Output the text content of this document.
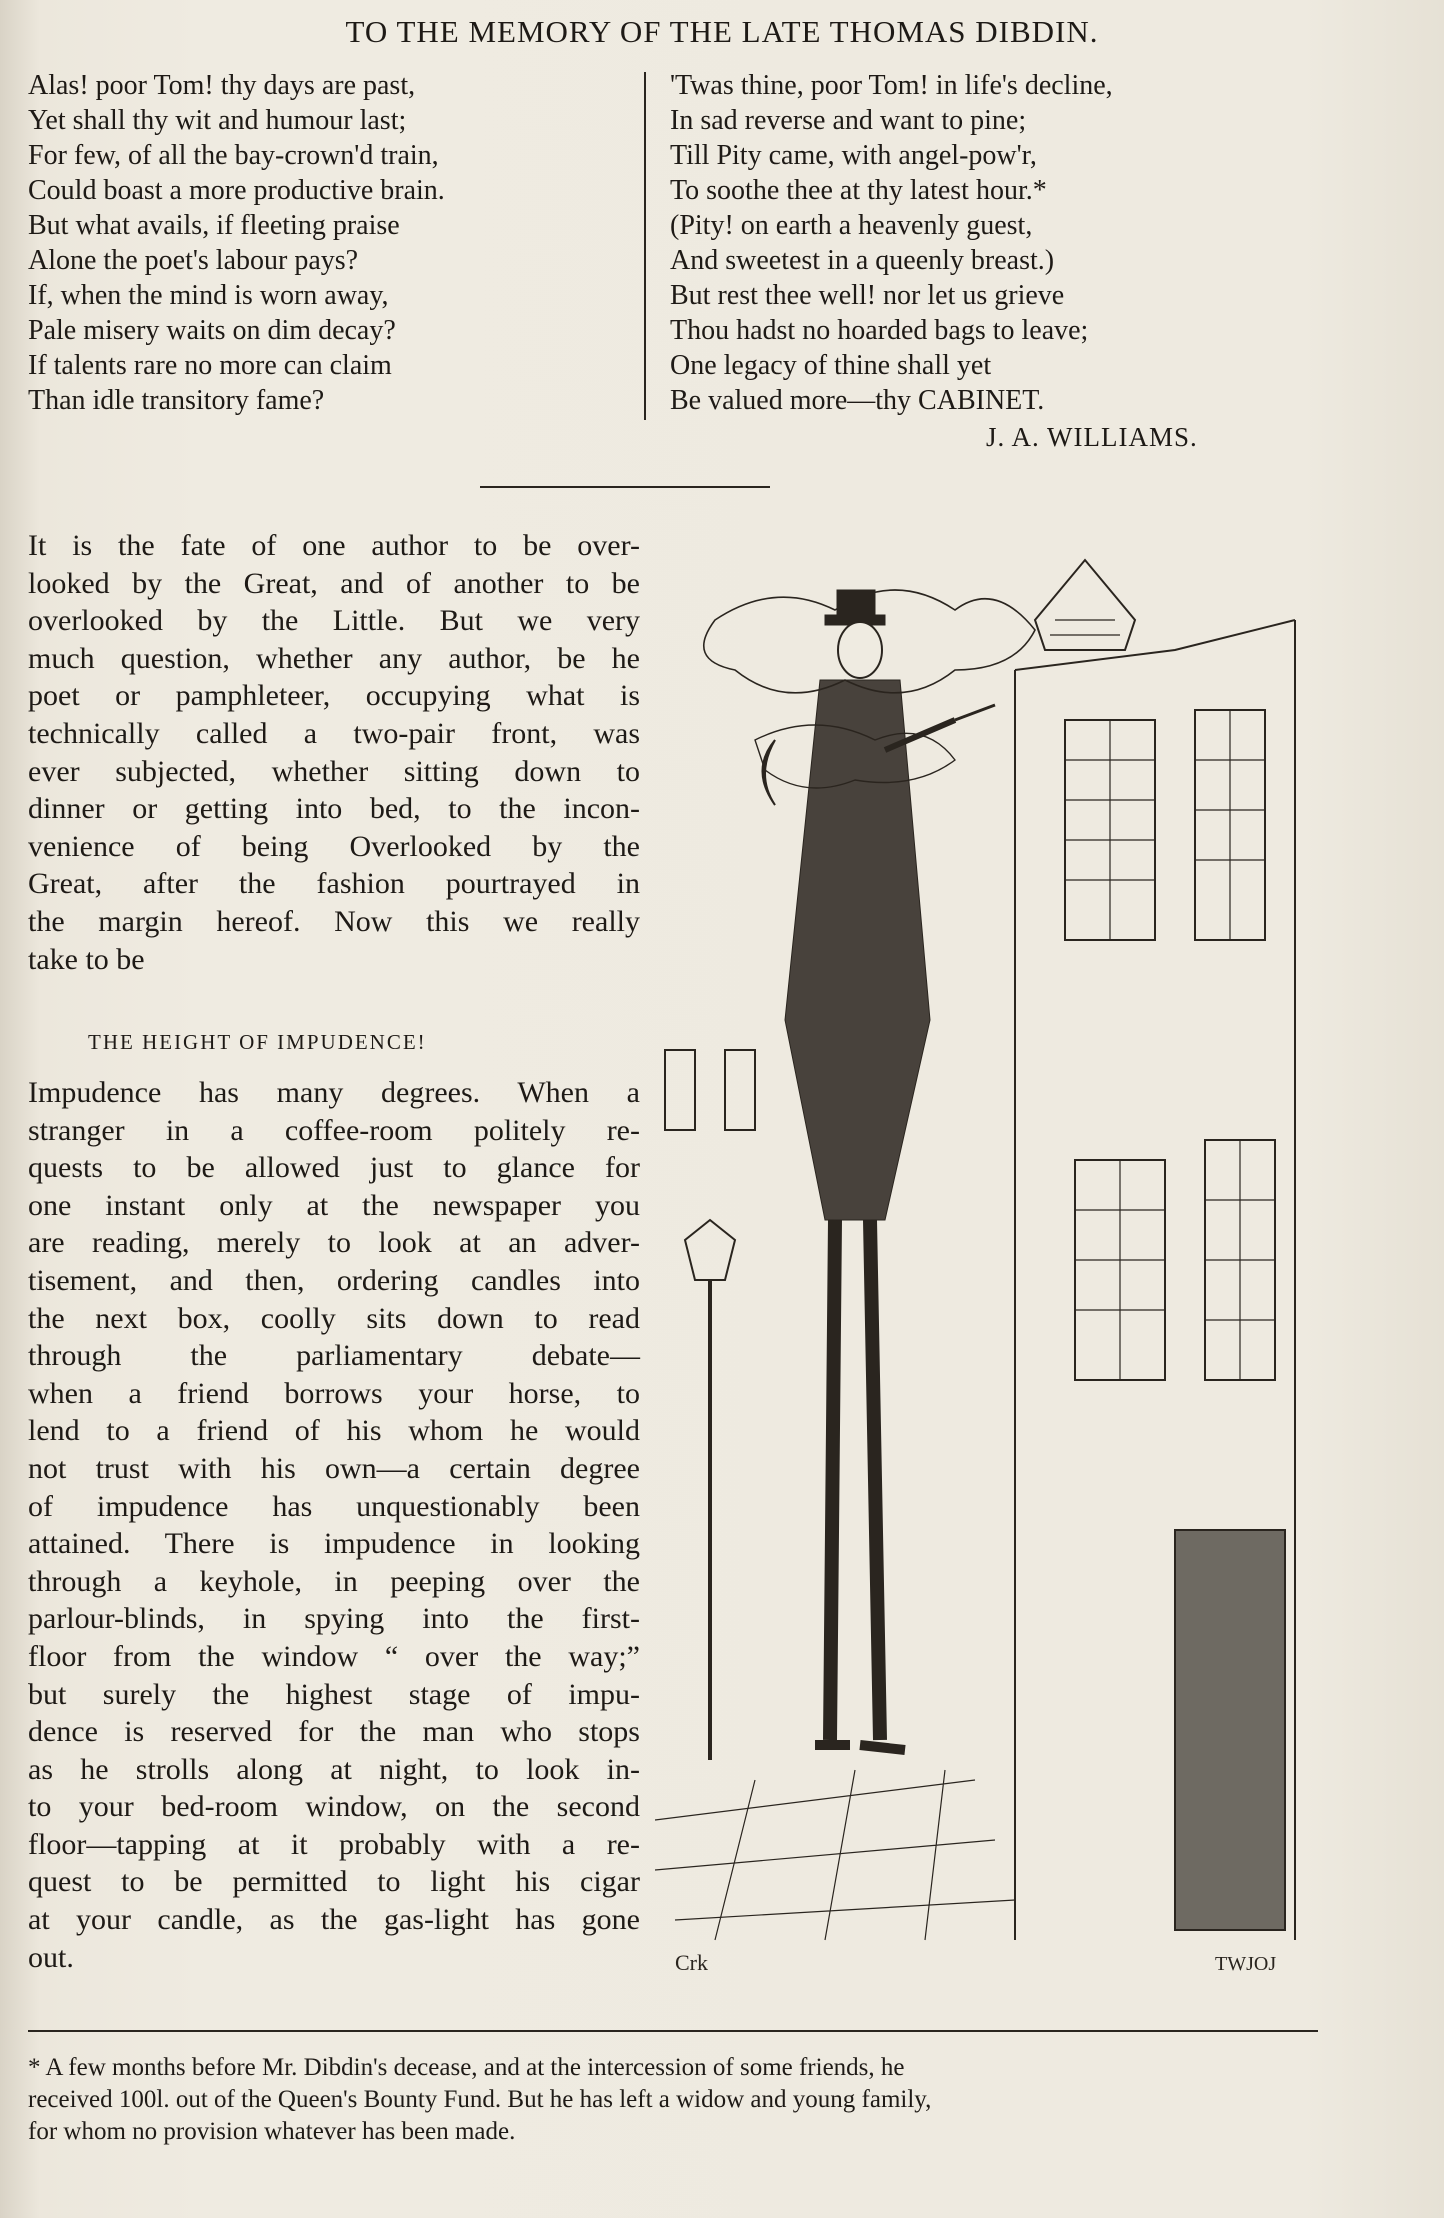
TO THE MEMORY OF THE LATE THOMAS DIBDIN.
Alas! poor Tom! thy days are past,
Yet shall thy wit and humour last;
For few, of all the bay-crown'd train,
Could boast a more productive brain.
But what avails, if fleeting praise
Alone the poet's labour pays?
If, when the mind is worn away,
Pale misery waits on dim decay?
If talents rare no more can claim
Than idle transitory fame?
'Twas thine, poor Tom! in life's decline,
In sad reverse and want to pine;
Till Pity came, with angel-pow'r,
To soothe thee at thy latest hour.*
(Pity! on earth a heavenly guest,
And sweetest in a queenly breast.)
But rest thee well! nor let us grieve
Thou hadst no hoarded bags to leave;
One legacy of thine shall yet
Be valued more—thy CABINET.
J. A. WILLIAMS.
It is the fate of one author to be over-
looked by the Great, and of another to be
overlooked by the Little. But we very
much question, whether any author, be he
poet or pamphleteer, occupying what is
technically called a two-pair front, was
ever subjected, whether sitting down to
dinner or getting into bed, to the incon-
venience of being Overlooked by the
Great, after the fashion pourtrayed in
the margin hereof. Now this we really
take to be
THE HEIGHT OF IMPUDENCE!
Impudence has many degrees. When a
stranger in a coffee-room politely re-
quests to be allowed just to glance for
one instant only at the newspaper you
are reading, merely to look at an adver-
tisement, and then, ordering candles into
the next box, coolly sits down to read
through the parliamentary debate—
when a friend borrows your horse, to
lend to a friend of his whom he would
not trust with his own—a certain degree
of impudence has unquestionably been
attained. There is impudence in looking
through a keyhole, in peeping over the
parlour-blinds, in spying into the first-
floor from the window “ over the way;”
but surely the highest stage of impu-
dence is reserved for the man who stops
as he strolls along at night, to look in-
to your bed-room window, on the second
floor—tapping at it probably with a re-
quest to be permitted to light his cigar
at your candle, as the gas-light has gone
out.	Crk	TWJOJ
* A few months before Mr. Dibdin's decease, and at the intercession of some friends, he
received 100l. out of the Queen's Bounty Fund. But he has left a widow and young family,
for whom no provision whatever has been made.
